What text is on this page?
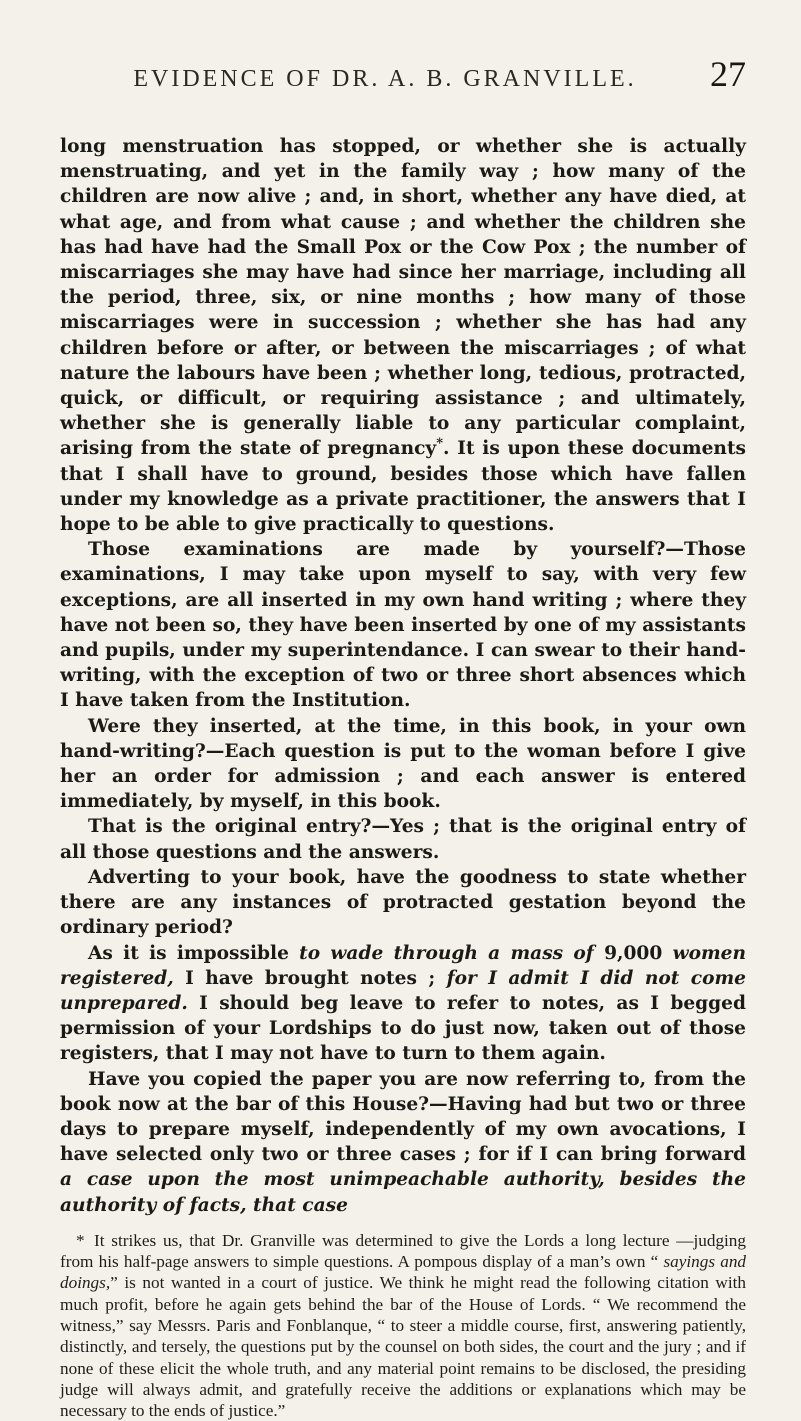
EVIDENCE OF DR. A. B. GRANVILLE.	27

long menstruation has stopped, or whether she is actually menstruating, and yet in the family way ; how many of the children are now alive ; and, in short, whether any have died, at what age, and from what cause ; and whether the children she has had have had the Small Pox or the Cow Pox ; the number of miscarriages she may have had since her marriage, including all the period, three, six, or nine months ; how many of those miscarriages were in succession ; whether she has had any children before or after, or between the miscarriages ; of what nature the labours have been ; whether long, tedious, protracted, quick, or difficult, or requiring assistance ; and ultimately, whether she is generally liable to any particular complaint, arising from the state of pregnancy*. It is upon these documents that I shall have to ground, besides those which have fallen under my knowledge as a private practitioner, the answers that I hope to be able to give practically to questions.

Those examinations are made by yourself?—Those examinations, I may take upon myself to say, with very few exceptions, are all inserted in my own hand writing ; where they have not been so, they have been inserted by one of my assistants and pupils, under my superintendance. I can swear to their hand-writing, with the exception of two or three short absences which I have taken from the Institution.

Were they inserted, at the time, in this book, in your own hand-writing?—Each question is put to the woman before I give her an order for admission ; and each answer is entered immediately, by myself, in this book.

That is the original entry?—Yes ; that is the original entry of all those questions and the answers.

Adverting to your book, have the goodness to state whether there are any instances of protracted gestation beyond the ordinary period?

As it is impossible to wade through a mass of 9,000 women registered, I have brought notes ; for I admit I did not come unprepared. I should beg leave to refer to notes, as I begged permission of your Lordships to do just now, taken out of those registers, that I may not have to turn to them again.

Have you copied the paper you are now referring to, from the book now at the bar of this House?—Having had but two or three days to prepare myself, independently of my own avocations, I have selected only two or three cases ; for if I can bring forward a case upon the most unimpeachable authority, besides the authority of facts, that case

* It strikes us, that Dr. Granville was determined to give the Lords a long lecture —judging from his half-page answers to simple questions. A pompous display of a man’s own “ sayings and doings,” is not wanted in a court of justice. We think he might read the following citation with much profit, before he again gets behind the bar of the House of Lords. “ We recommend the witness,” say Messrs. Paris and Fonblanque, “ to steer a middle course, first, answering patiently, distinctly, and tersely, the questions put by the counsel on both sides, the court and the jury ; and if none of these elicit the whole truth, and any material point remains to be disclosed, the presiding judge will always admit, and gratefully receive the additions or explanations which may be necessary to the ends of justice.”
